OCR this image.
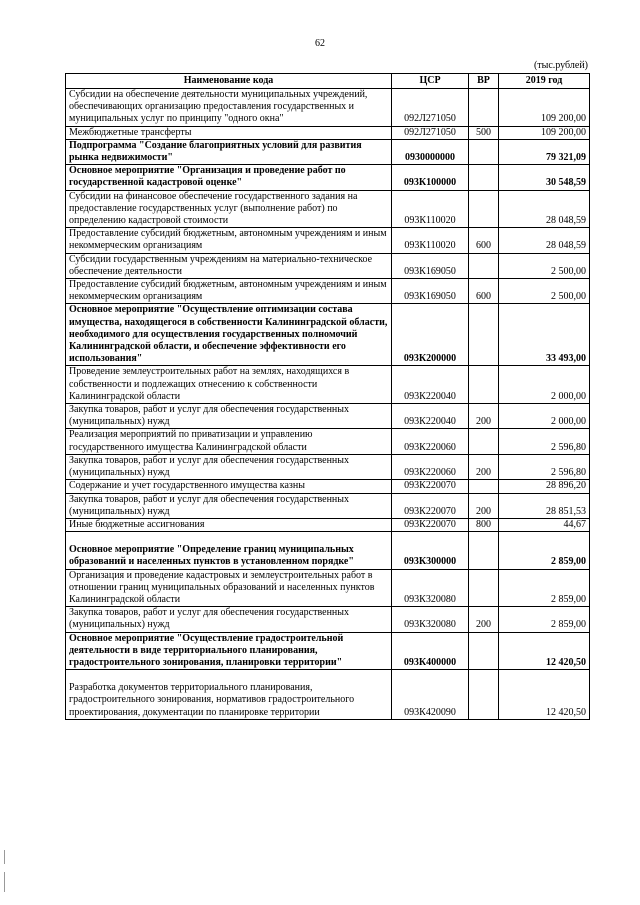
62
(тыс.рублей)
Наименование кода	ЦСР	ВР	2019 год
Субсидии на обеспечение деятельности муниципальных учреждений, обеспечивающих организацию предоставления государственных и муниципальных услуг по принципу "одного окна"	092Л271050		109 200,00
Межбюджетные трансферты	092Л271050	500	109 200,00
Подпрограмма "Создание благоприятных условий для развития рынка недвижимости"	0930000000		79 321,09
Основное мероприятие "Организация и проведение работ по государственной кадастровой оценке"	093К100000		30 548,59
Субсидии на финансовое обеспечение государственного задания на предоставление государственных услуг (выполнение работ) по определению кадастровой стоимости	093К110020		28 048,59
Предоставление субсидий бюджетным, автономным учреждениям и иным некоммерческим организациям	093К110020	600	28 048,59
Субсидии государственным учреждениям на материально-техническое обеспечение деятельности	093К169050		2 500,00
Предоставление субсидий бюджетным, автономным учреждениям и иным некоммерческим организациям	093К169050	600	2 500,00
Основное мероприятие "Осуществление оптимизации состава имущества, находящегося в собственности Калининградской области, необходимого для осуществления государственных полномочий Калининградской области, и обеспечение эффективности его использования"	093К200000		33 493,00
Проведение землеустроительных работ на землях, находящихся в собственности и подлежащих отнесению к собственности Калининградской области	093К220040		2 000,00
Закупка товаров, работ и услуг для обеспечения государственных (муниципальных) нужд	093К220040	200	2 000,00
Реализация мероприятий по приватизации и управлению государственного имущества Калининградской области	093К220060		2 596,80
Закупка товаров, работ и услуг для обеспечения государственных (муниципальных) нужд	093К220060	200	2 596,80
Содержание и учет государственного имущества казны	093К220070		28 896,20
Закупка товаров, работ и услуг для обеспечения государственных (муниципальных) нужд	093К220070	200	28 851,53
Иные бюджетные ассигнования	093К220070	800	44,67
Основное мероприятие "Определение границ муниципальных образований и населенных пунктов в установленном порядке"	093К300000		2 859,00
Организация и проведение кадастровых и землеустроительных работ в отношении границ муниципальных образований и населенных пунктов Калининградской области	093К320080		2 859,00
Закупка товаров, работ и услуг для обеспечения государственных (муниципальных) нужд	093К320080	200	2 859,00
Основное мероприятие "Осуществление градостроительной деятельности в виде территориального планирования, градостроительного зонирования, планировки территории"	093К400000		12 420,50
Разработка документов территориального планирования, градостроительного зонирования, нормативов градостроительного проектирования, документации по планировке территории	093К420090		12 420,50
